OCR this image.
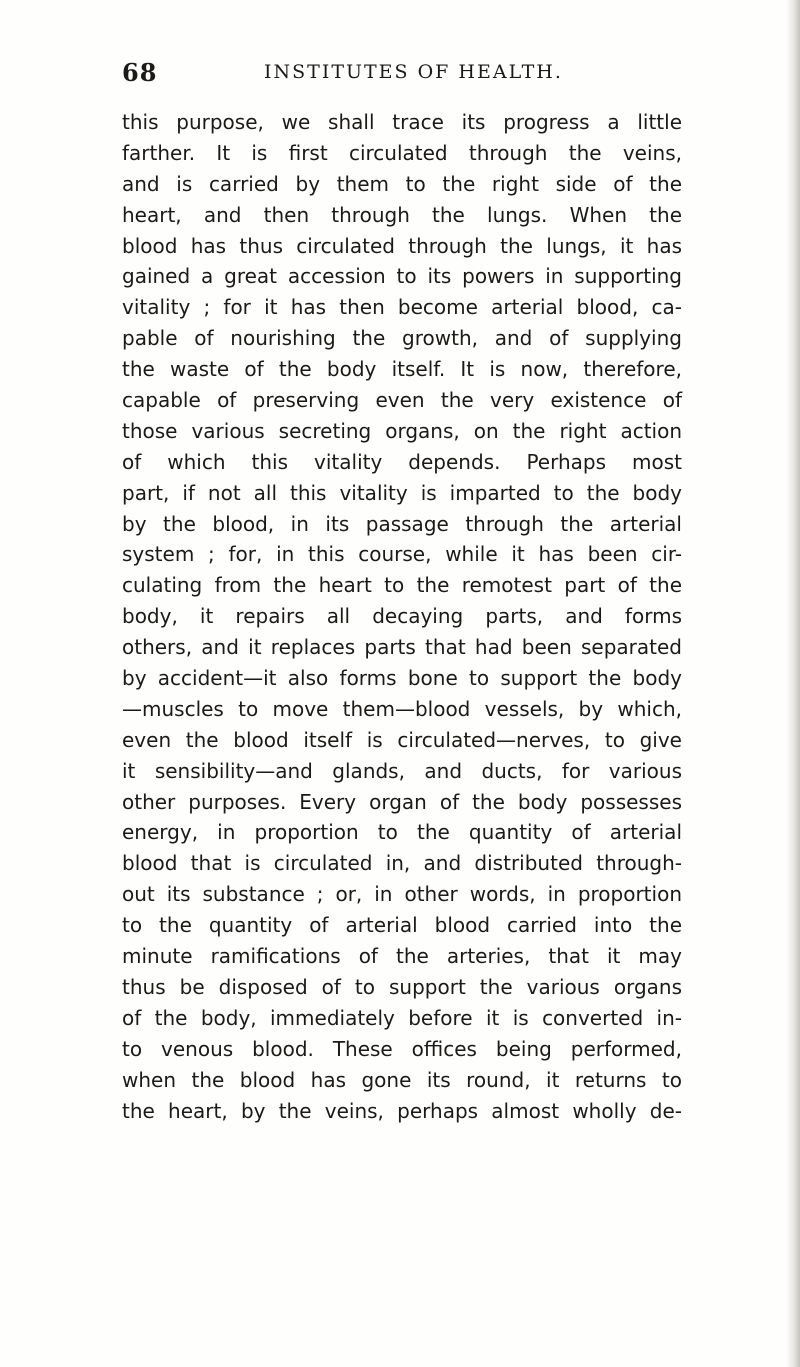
68	INSTITUTES OF HEALTH.
this purpose, we shall trace its progress a little
farther. It is first circulated through the veins,
and is carried by them to the right side of the
heart, and then through the lungs. When the
blood has thus circulated through the lungs, it has
gained a great accession to its powers in supporting
vitality ; for it has then become arterial blood, ca-
pable of nourishing the growth, and of supplying
the waste of the body itself. It is now, therefore,
capable of preserving even the very existence of
those various secreting organs, on the right action
of which this vitality depends. Perhaps most
part, if not all this vitality is imparted to the body
by the blood, in its passage through the arterial
system ; for, in this course, while it has been cir-
culating from the heart to the remotest part of the
body, it repairs all decaying parts, and forms
others, and it replaces parts that had been separated
by accident—it also forms bone to support the body
—muscles to move them—blood vessels, by which,
even the blood itself is circulated—nerves, to give
it sensibility—and glands, and ducts, for various
other purposes. Every organ of the body possesses
energy, in proportion to the quantity of arterial
blood that is circulated in, and distributed through-
out its substance ; or, in other words, in proportion
to the quantity of arterial blood carried into the
minute ramifications of the arteries, that it may
thus be disposed of to support the various organs
of the body, immediately before it is converted in-
to venous blood. These offices being performed,
when the blood has gone its round, it returns to
the heart, by the veins, perhaps almost wholly de-
